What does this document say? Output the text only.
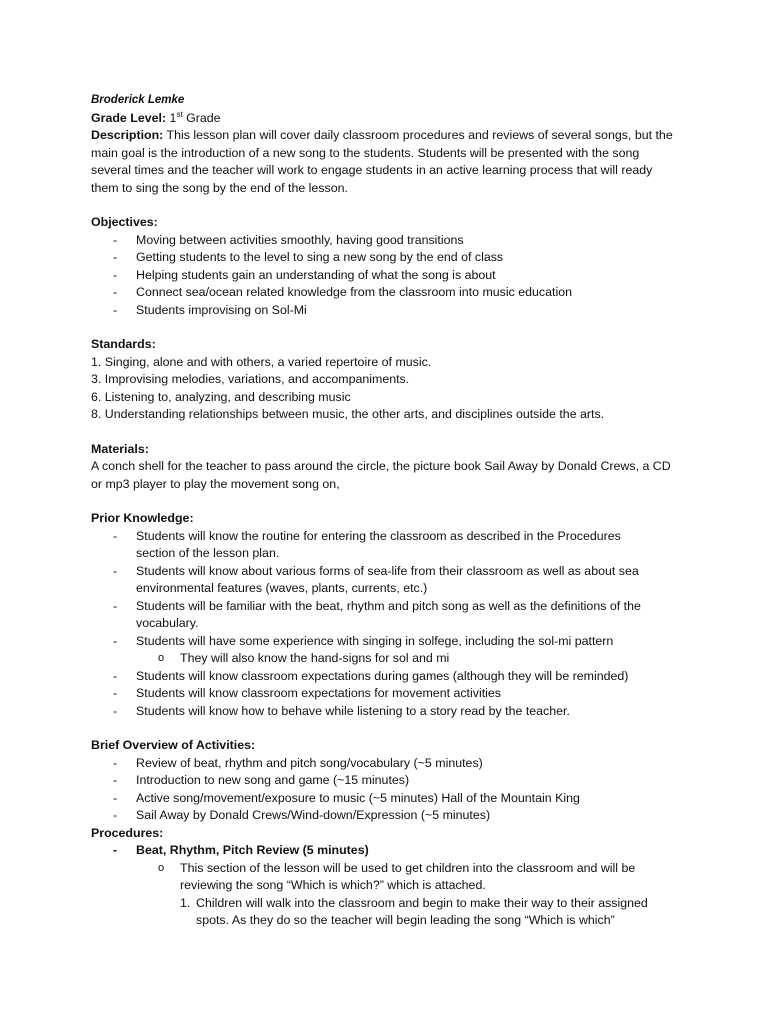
Broderick Lemke
Grade Level: 1st Grade
Description: This lesson plan will cover daily classroom procedures and reviews of several songs, but the
main goal is the introduction of a new song to the students. Students will be presented with the song
several times and the teacher will work to engage students in an active learning process that will ready
them to sing the song by the end of the lesson.
Objectives:
- Moving between activities smoothly, having good transitions
- Getting students to the level to sing a new song by the end of class
- Helping students gain an understanding of what the song is about
- Connect sea/ocean related knowledge from the classroom into music education
- Students improvising on Sol-Mi
Standards:
1. Singing, alone and with others, a varied repertoire of music.
3. Improvising melodies, variations, and accompaniments.
6. Listening to, analyzing, and describing music
8. Understanding relationships between music, the other arts, and disciplines outside the arts.
Materials:
A conch shell for the teacher to pass around the circle, the picture book Sail Away by Donald Crews, a CD
or mp3 player to play the movement song on,
Prior Knowledge:
- Students will know the routine for entering the classroom as described in the Procedures
section of the lesson plan.
- Students will know about various forms of sea-life from their classroom as well as about sea
environmental features (waves, plants, currents, etc.)
- Students will be familiar with the beat, rhythm and pitch song as well as the definitions of the
vocabulary.
- Students will have some experience with singing in solfege, including the sol-mi pattern
o They will also know the hand-signs for sol and mi
- Students will know classroom expectations during games (although they will be reminded)
- Students will know classroom expectations for movement activities
- Students will know how to behave while listening to a story read by the teacher.
Brief Overview of Activities:
- Review of beat, rhythm and pitch song/vocabulary (~5 minutes)
- Introduction to new song and game (~15 minutes)
- Active song/movement/exposure to music (~5 minutes) Hall of the Mountain King
- Sail Away by Donald Crews/Wind-down/Expression (~5 minutes)
Procedures:
- Beat, Rhythm, Pitch Review (5 minutes)
o This section of the lesson will be used to get children into the classroom and will be
reviewing the song “Which is which?” which is attached.
1. Children will walk into the classroom and begin to make their way to their assigned
spots. As they do so the teacher will begin leading the song “Which is which”
